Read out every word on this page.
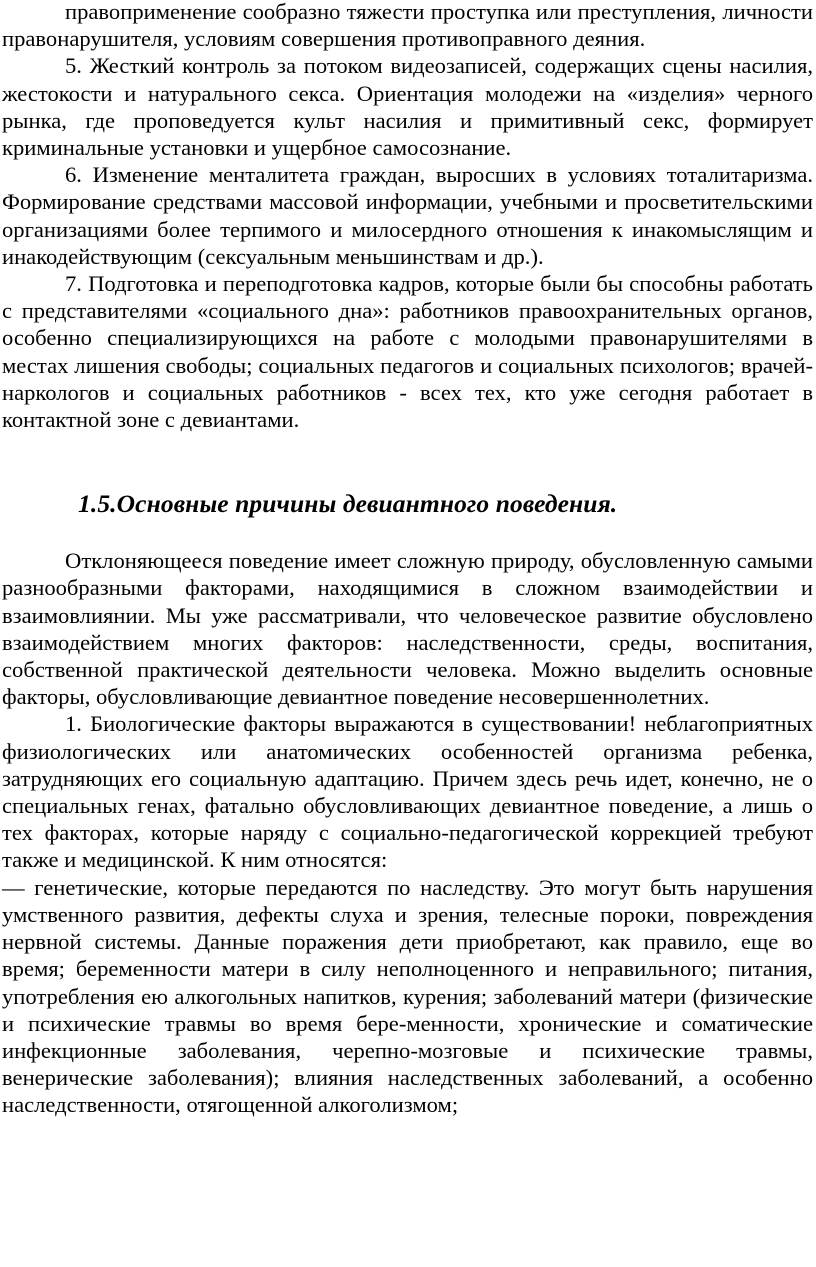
правоприменение сообразно тяжести проступка или преступления, личности правонарушителя, условиям совершения противоправного деяния.

5. Жесткий контроль за потоком видеозаписей, содержащих сцены насилия, жестокости и натурального секса. Ориентация молодежи на «изделия» черного рынка, где проповедуется культ насилия и примитивный секс, формирует криминальные установки и ущербное самосознание.

6. Изменение менталитета граждан, выросших в условиях тоталитаризма. Формирование средствами массовой информации, учебными и просветительскими организациями более терпимого и милосердного отношения к инакомыслящим и инакодействующим (сексуальным меньшинствам и др.).

7. Подготовка и переподготовка кадров, которые были бы способны работать с представителями «социального дна»: работников правоохранительных органов, особенно специализирующихся на работе с молодыми правонарушителями в местах лишения свободы; социальных педагогов и социальных психологов; врачей-наркологов и социальных работников - всех тех, кто уже сегодня работает в контактной зоне с девиантами.

1.5.Основные причины девиантного поведения.

Отклоняющееся поведение имеет сложную природу, обусловленную самыми разнообразными факторами, находящимися в сложном взаимодействии и взаимовлиянии. Мы уже рассматривали, что человеческое развитие обусловлено взаимодействием многих факторов: наследственности, среды, воспитания, собственной практической деятельности человека. Можно выделить основные факторы, обусловливающие девиантное поведение несовершеннолетних.

1. Биологические факторы выражаются в существовании! неблагоприятных физиологических или анатомических особенностей организма ребенка, затрудняющих его социальную адаптацию. Причем здесь речь идет, конечно, не о специальных генах, фатально обусловливающих девиантное поведение, а лишь о тех факторах, которые наряду с социально-педагогической коррекцией требуют также и медицинской. К ним относятся:

— генетические, которые передаются по наследству. Это могут быть нарушения умственного развития, дефекты слуха и зрения, телесные пороки, повреждения нервной системы. Данные поражения дети приобретают, как правило, еще во время; беременности матери в силу неполноценного и неправильного; питания, употребления ею алкогольных напитков, курения; заболеваний матери (физические и психические травмы во время бере-менности, хронические и соматические инфекционные заболевания, черепно-мозговые и психические травмы, венерические заболевания); влияния наследственных заболеваний, а особенно наследственности, отягощенной алкоголизмом;
